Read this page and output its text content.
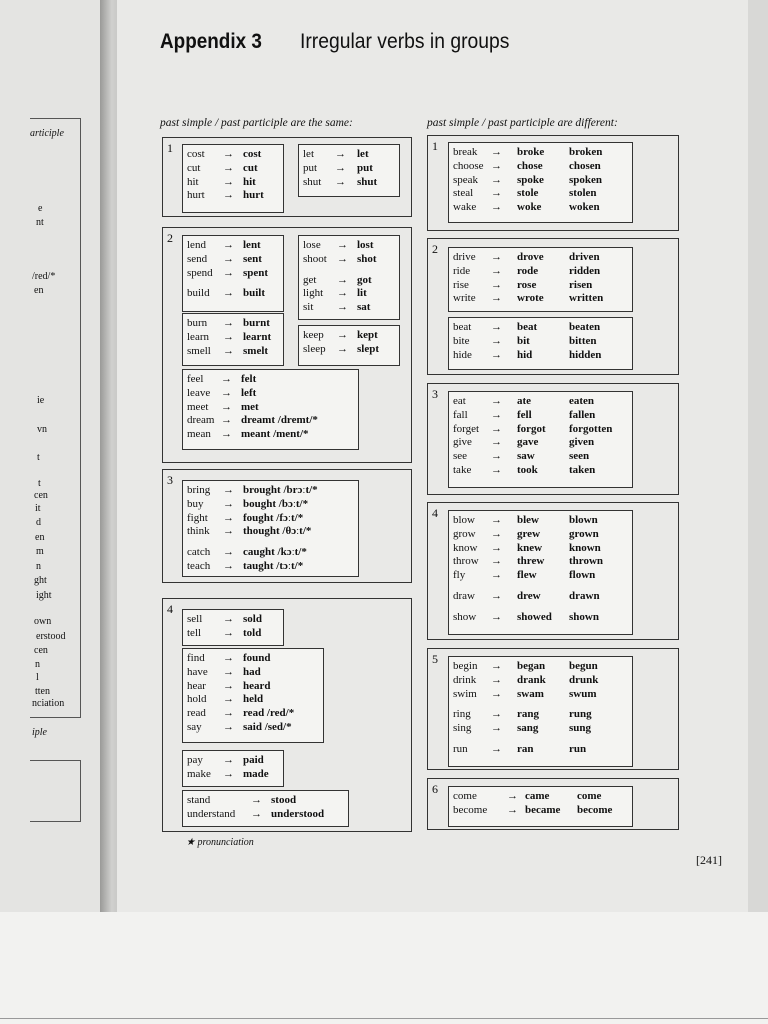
articiple
e
nt
/red/*
en
ie
vn
t
t
cen
it
d
en
m
n
ght
ight
own
erstood
cen
n
l
tten
nciation
iple
Appendix 3 Irregular verbs in groups
past simple / past participle are the same:	past simple / past participle are different:
1 cost → cost
cut → cut
hit → hit
hurt → hurt
let → let
put → put
shut → shut
2 lend → lent
send → sent
spend → spent
build → built
lose → lost
shoot → shot
get → got
light → lit
sit → sat
burn → burnt
learn → learnt
smell → smelt
keep → kept
sleep → slept
feel → felt
leave → left
meet → met
dream → dreamt /dremt/*
mean → meant /ment/*
3
bring → brought /brɔːt/*
buy → bought /bɔːt/*
fight → fought /fɔːt/*
think → thought /θɔːt/*
catch → caught /kɔːt/*
teach → taught /tɔːt/*
4
sell → sold
tell → told
find → found
have → had
hear → heard
hold → held
read → read /red/*
say → said /sed/*
pay → paid
make → made
stand	→ stood
understand → understood
1 break → broke broken
choose → chose chosen
speak → spoke spoken
steal → stole	stolen
wake → woke	woken
2
drive → drove driven
ride → rode	ridden
rise → rose	risen
write → wrote written
beat → beat	beaten
bite → bit	bitten
hide → hid	hidden
3 eat → ate	eaten
fall → fell	fallen
forget → forgot forgotten
give → gave	given
see → saw	seen
take → took	taken
4 blow → blew	blown
grow → grew	grown
know → knew known
throw → threw thrown
fly → flew	flown
draw → drew	drawn
show → showed shown
5 begin → began begun
drink → drank drunk
swim → swam swum
ring → rang	rung
sing → sang	sung
run → ran	run
6 come	→ came	come
become → became become
★ pronunciation
[241]
